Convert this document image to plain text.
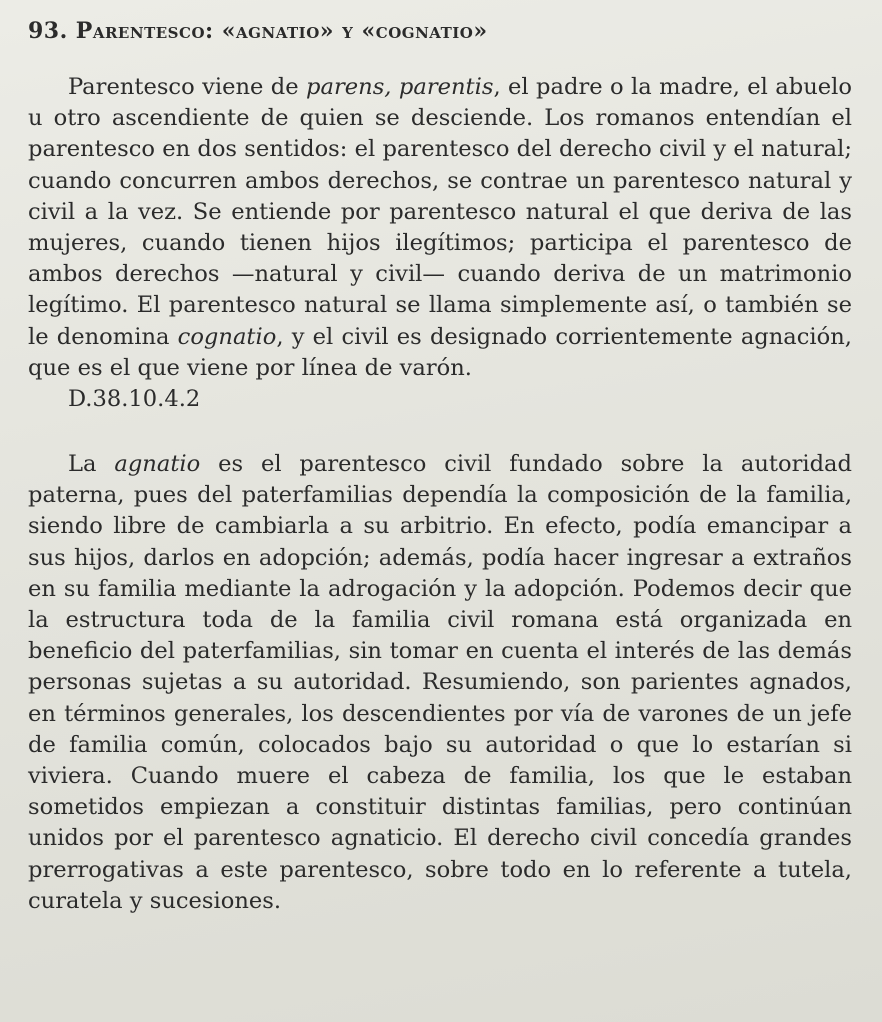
93. Parentesco: «agnatio» y «cognatio»

Parentesco viene de parens, parentis, el padre o la madre, el abuelo u otro ascendiente de quien se desciende. Los romanos entendían el parentesco en dos sentidos: el parentesco del derecho civil y el natural; cuando concurren ambos derechos, se contrae un parentesco natural y civil a la vez. Se entiende por parentesco natural el que deriva de las mujeres, cuando tienen hijos ilegítimos; participa el parentesco de ambos derechos —natural y civil— cuando deriva de un matrimonio legítimo. El parentesco natural se llama simplemente así, o también se le denomina cognatio, y el civil es designado corrientemente agnación, que es el que viene por línea de varón.

D.38.10.4.2

La agnatio es el parentesco civil fundado sobre la autoridad paterna, pues del paterfamilias dependía la composición de la familia, siendo libre de cambiarla a su arbitrio. En efecto, podía emancipar a sus hijos, darlos en adopción; además, podía hacer ingresar a extraños en su familia mediante la adrogación y la adopción. Podemos decir que la estructura toda de la familia civil romana está organizada en beneficio del paterfamilias, sin tomar en cuenta el interés de las demás personas sujetas a su autoridad. Resumiendo, son parientes agnados, en términos generales, los descendientes por vía de varones de un jefe de familia común, colocados bajo su autoridad o que lo estarían si viviera. Cuando muere el cabeza de familia, los que le estaban sometidos empiezan a constituir distintas familias, pero continúan unidos por el parentesco agnaticio. El derecho civil concedía grandes prerrogativas a este parentesco, sobre todo en lo referente a tutela, curatela y sucesiones.
